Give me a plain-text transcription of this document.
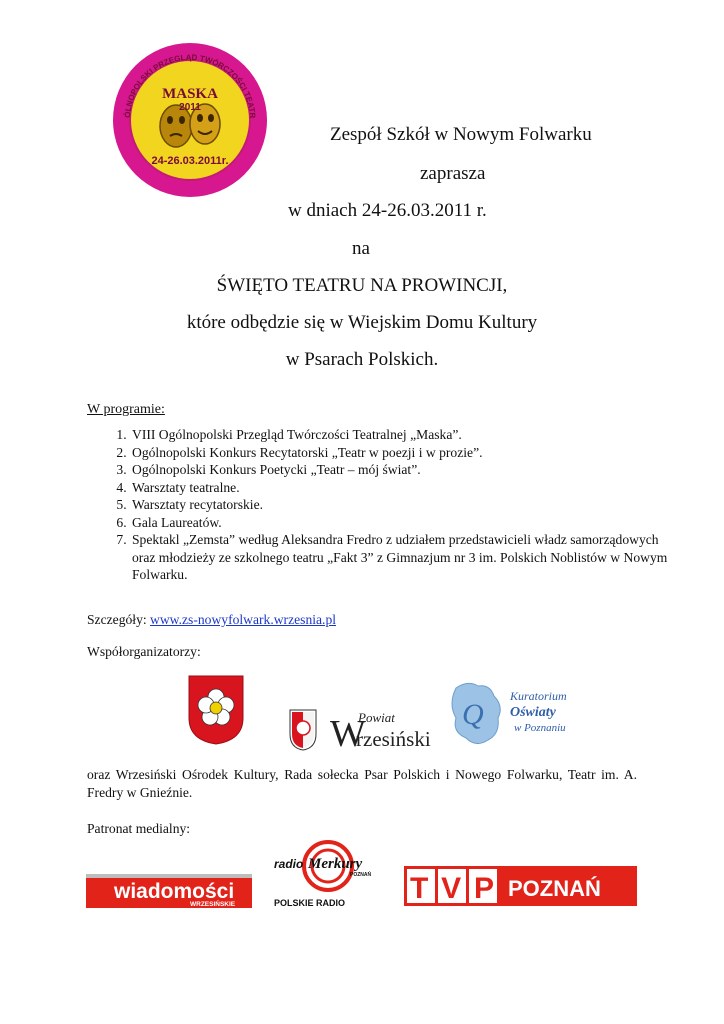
ÓLNOPOLSKI PRZEGLĄD TWÓRCZOŚCI TEATR
MASKA
2011
24-26.03.2011r.
Zespół Szkół w Nowym Folwarku
zaprasza
w dniach 24-26.03.2011 r.
na
ŚWIĘTO TEATRU NA PROWINCJI,
które odbędzie się w Wiejskim Domu Kultury
w Psarach Polskich.
W programie:
1. VIII Ogólnopolski Przegląd Twórczości Teatralnej „Maska”.
2. Ogólnopolski Konkurs Recytatorski „Teatr w poezji i w prozie”.
3. Ogólnopolski Konkurs Poetycki „Teatr – mój świat”.
4. Warsztaty teatralne.
5. Warsztaty recytatorskie.
6. Gala Laureatów.
7. Spektakl „Zemsta” według Aleksandra Fredro z udziałem przedstawicieli władz samorządowych oraz młodzieży ze szkolnego teatru „Fakt 3” z Gimnazjum nr 3 im. Polskich Noblistów w Nowym Folwarku.
Szczegóły: www.zs-nowyfolwark.wrzesnia.pl
Współorganizatorzy:
W
Powiat
rzesiński
Q
Kuratorium
Oświaty
w Poznaniu
oraz Wrzesiński Ośrodek Kultury, Rada sołecka Psar Polskich i Nowego Folwarku, Teatr im. A. Fredry w Gnieźnie.
Patronat medialny:
wiadomości
WRZESIŃSKIE
radio Merkury
POZNAŃ
POLSKIE RADIO TVP POZNAŃ
